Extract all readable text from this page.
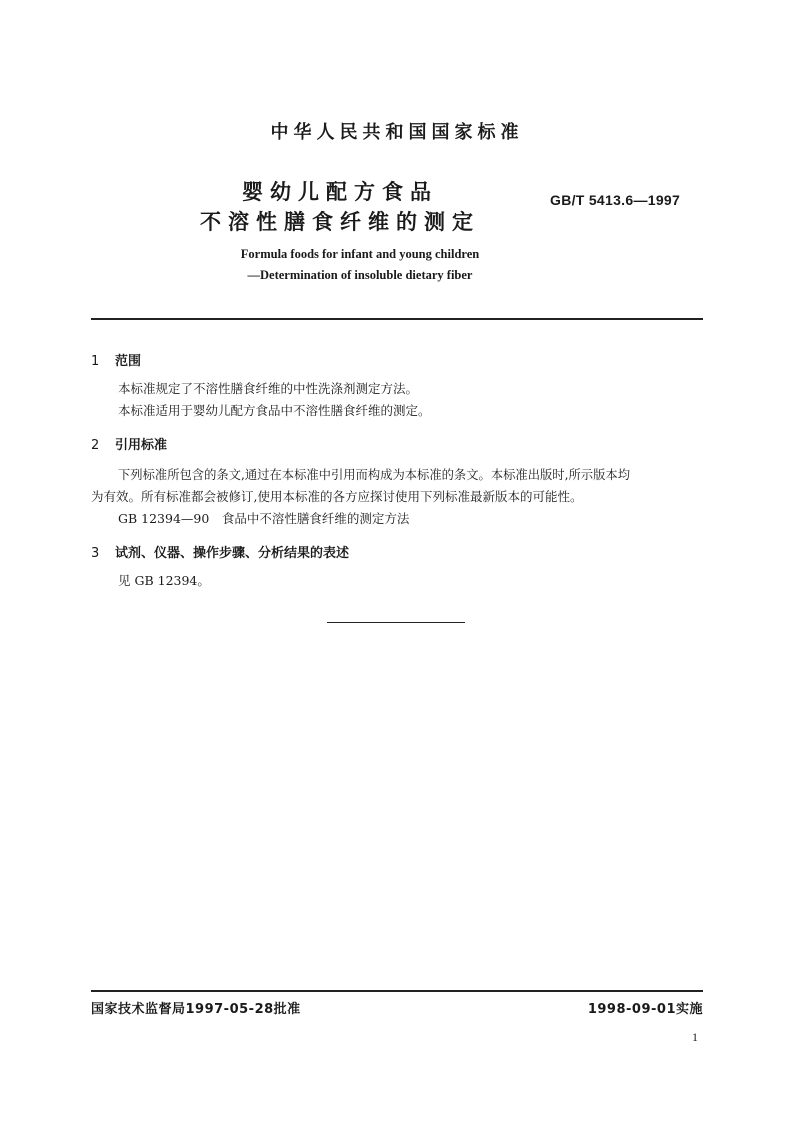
中华人民共和国国家标准
婴幼儿配方食品
不溶性膳食纤维的测定
GB/T 5413.6—1997
Formula foods for infant and young children
—Determination of insoluble dietary fiber
1 范围
本标准规定了不溶性膳食纤维的中性洗涤剂测定方法。
本标准适用于婴幼儿配方食品中不溶性膳食纤维的测定。
2 引用标准
下列标准所包含的条文,通过在本标准中引用而构成为本标准的条文。本标准出版时,所示版本均
为有效。所有标准都会被修订,使用本标准的各方应探讨使用下列标准最新版本的可能性。
GB 12394—90　食品中不溶性膳食纤维的测定方法
3 试剂、仪器、操作步骤、分析结果的表述
见 GB 12394。
国家技术监督局1997-05-28批准	1998-09-01实施
1
